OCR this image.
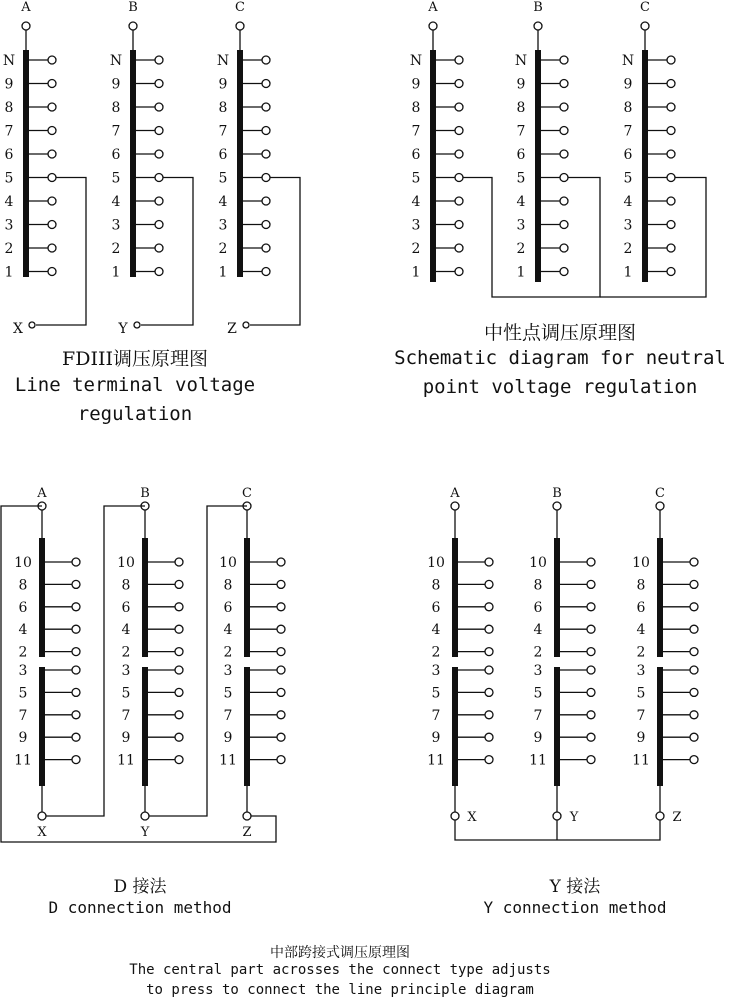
A
N
9
8
7
6
5
4
3
2
1
B
N
9
8
7
6
5
4
3
2
1
C
N
9
8
7
6
5
4
3
2
1
X	Y	Z
A
N
9
8
7
6
5
4
3
2
1
B
N
9
8
7
6
5
4
3
2
1
C
N
9
8
7
6
5
4
3
2
1
A
10
8
6
4
2
3
5
7
9
11
B
10
8
6
4
2
3
5
7
9
11
C
10
8
6
4
2
3
5
7
9
11
X	Y	Z
A
10
8
6
4
2
3
5
7
9
11
B
10
8
6
4
2
3
5
7
9
11
C
10
8
6
4
2
3
5
7
9
11
X	Y	Z
FDIII调压原理图
Line terminal voltage
regulation
中性点调压原理图
Schematic diagram for neutral
point voltage regulation
D 接法
D connection method
Y 接法
Y connection method
中部跨接式调压原理图
The central part acrosses the connect type adjusts
to press to connect the line principle diagram
